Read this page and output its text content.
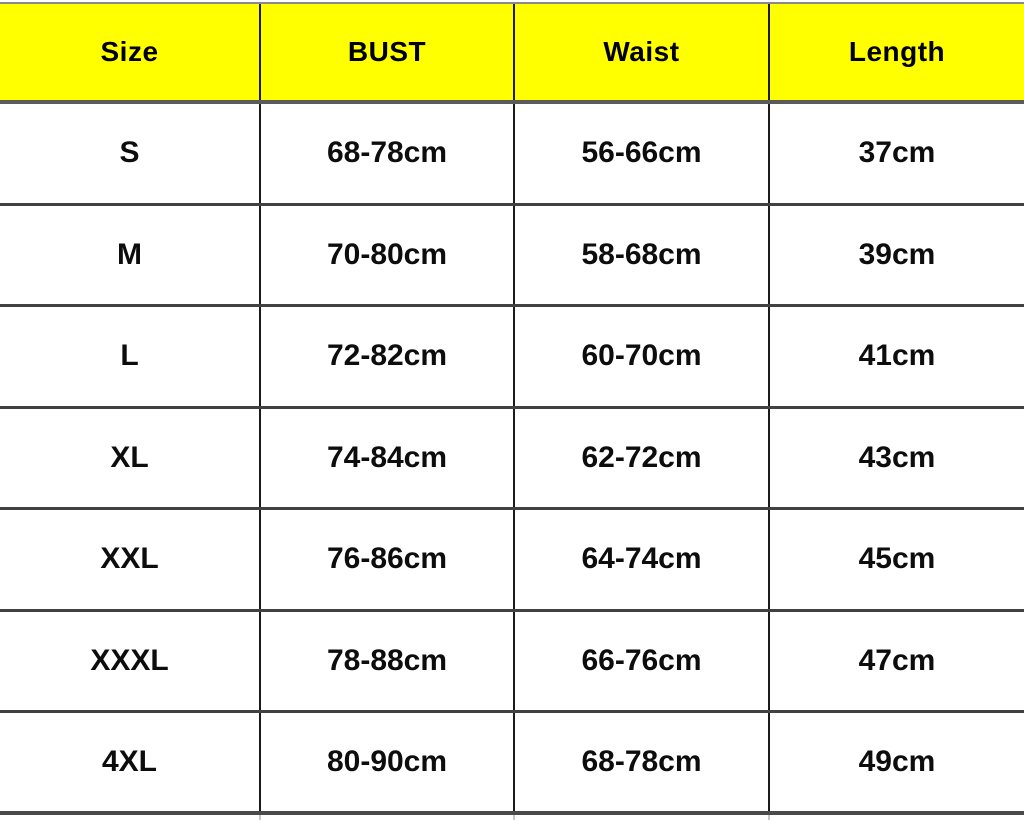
Size	BUST	Waist	Length
S	68-78cm	56-66cm	37cm
M	70-80cm	58-68cm	39cm
L	72-82cm	60-70cm	41cm
XL	74-84cm	62-72cm	43cm
XXL	76-86cm	64-74cm	45cm
XXXL	78-88cm	66-76cm	47cm
4XL	80-90cm	68-78cm	49cm
